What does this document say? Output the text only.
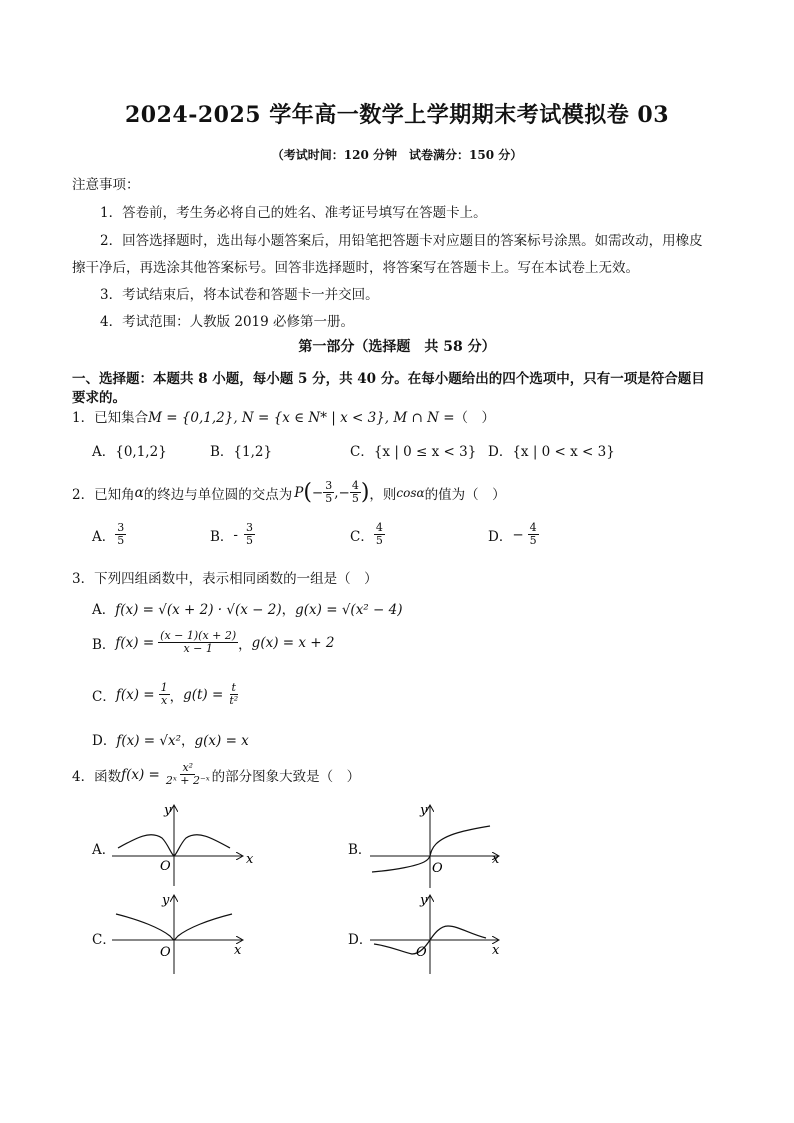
2024-2025 学年高一数学上学期期末考试模拟卷 03
（考试时间：120 分钟　试卷满分：150 分）
注意事项：
1．答卷前，考生务必将自己的姓名、准考证号填写在答题卡上。
2．回答选择题时，选出每小题答案后，用铅笔把答题卡对应题目的答案标号涂黑。如需改动，用橡皮
擦干净后，再选涂其他答案标号。回答非选择题时，将答案写在答题卡上。写在本试卷上无效。
3．考试结束后，将本试卷和答题卡一并交回。
4．考试范围：人教版 2019 必修第一册。
第一部分（选择题　共 58 分）
一、选择题：本题共 8 小题，每小题 5 分，共 40 分。在每小题给出的四个选项中，只有一项是符合题目
要求的。
1．已知集合M = {0,1,2}, N = {x ∈ N* | x < 3}, M ∩ N =（　）
A．{0,1,2}	B．{1,2}	C．{x | 0 ≤ x < 3} D．{x | 0 < x < 3}
2．已知角 α 的终边与单位圆的交点为 P ( − $\frac{3}{5}$ ,− $\frac{4}{5}$ ) ，则 cosα 的值为（　）
A． $\frac{3}{5}$	B． - $\frac{3}{5}$	C． $\frac{4}{5}$	D． − $\frac{4}{5}$
3．下列四组函数中，表示相同函数的一组是（　）
A．f(x) = √(x + 2) · √(x − 2)，g(x) = √(x² − 4)
B． $f(x) = \frac{(x - 1)(x + 2)}{x - 1}$ ， g(x) = x + 2
C． $f(x) = \frac{1}{x}$ ， $g(t) = \frac{t}{\text{t²}}$
D．f(x) = √x²，g(x) = x
4．函数 $f(x) = \frac{\text{x²}}{\text{2ˣ + 2⁻ˣ}}$ 的部分图象大致是（　）
A．	B．
C．	D．
x
y
O	x
y
O
x
y
O	x
y
O
